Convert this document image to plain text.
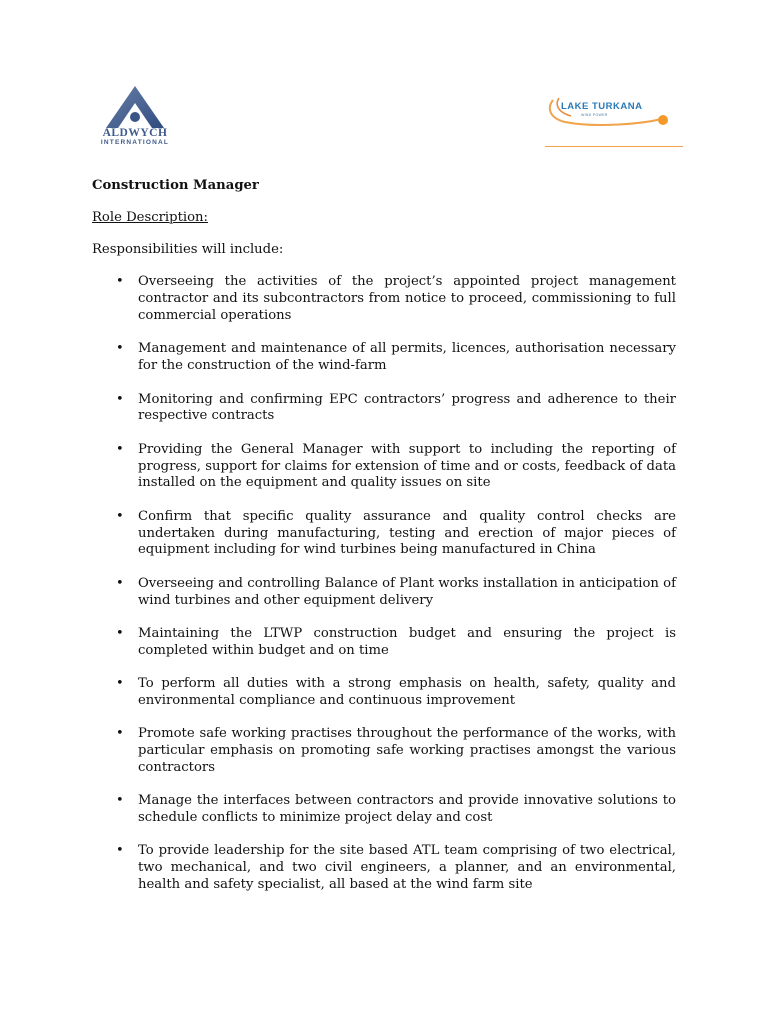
ALDWYCH
INTERNATIONAL
LAKE TURKANA
WIND POWER
Construction Manager
Role Description:
Responsibilities will include:
• Overseeing the activities of the project’s appointed project management contractor and its subcontractors from notice to proceed, commissioning to full commercial operations
• Management and maintenance of all permits, licences, authorisation necessary for the construction of the wind-farm
• Monitoring and confirming EPC contractors’ progress and adherence to their respective contracts
• Providing the General Manager with support to including the reporting of progress, support for claims for extension of time and or costs, feedback of data installed on the equipment and quality issues on site
• Confirm that specific quality assurance and quality control checks are undertaken during manufacturing, testing and erection of major pieces of equipment including for wind turbines being manufactured in China
• Overseeing and controlling Balance of Plant works installation in anticipation of wind turbines and other equipment delivery
• Maintaining the LTWP construction budget and ensuring the project is completed within budget and on time
• To perform all duties with a strong emphasis on health, safety, quality and environmental compliance and continuous improvement
• Promote safe working practises throughout the performance of the works, with particular emphasis on promoting safe working practises amongst the various contractors
• Manage the interfaces between contractors and provide innovative solutions to schedule conflicts to minimize project delay and cost
• To provide leadership for the site based ATL team comprising of two electrical, two mechanical, and two civil engineers, a planner, and an environmental, health and safety specialist, all based at the wind farm site
